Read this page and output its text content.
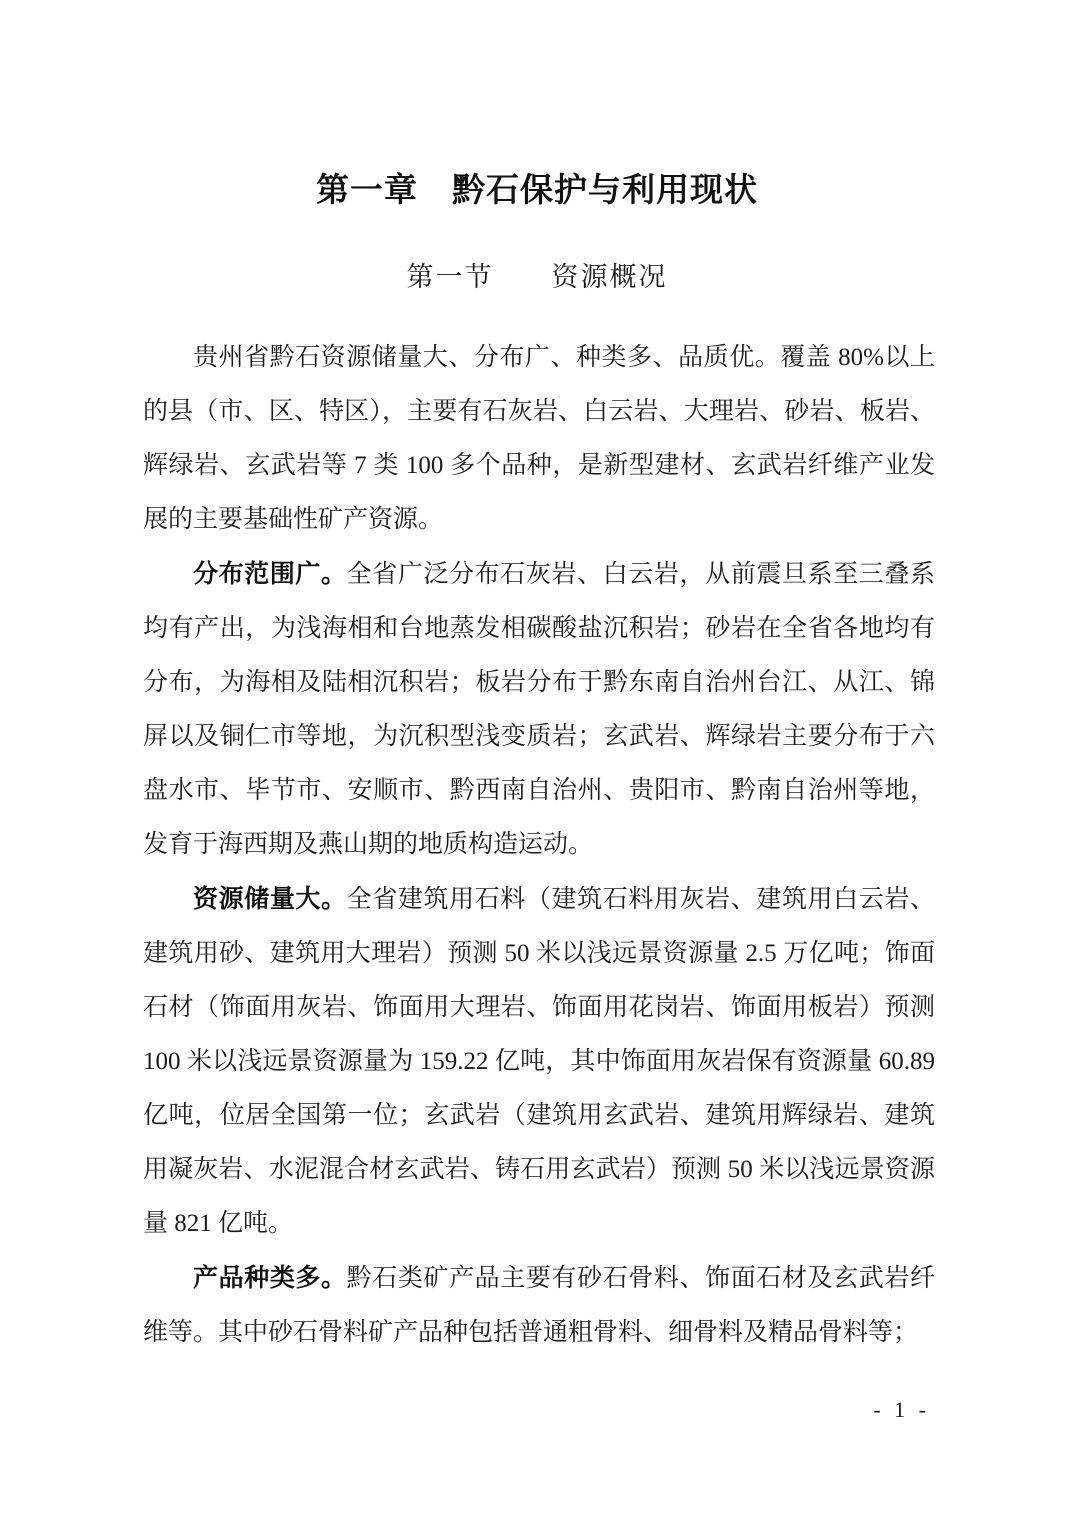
第一章　黔石保护与利用现状
第一节　　资源概况

贵州省黔石资源储量大、分布广、种类多、品质优。覆盖 80%以上的县（市、区、特区），主要有石灰岩、白云岩、大理岩、砂岩、板岩、辉绿岩、玄武岩等 7 类 100 多个品种，是新型建材、玄武岩纤维产业发展的主要基础性矿产资源。

分布范围广。全省广泛分布石灰岩、白云岩，从前震旦系至三叠系均有产出，为浅海相和台地蒸发相碳酸盐沉积岩；砂岩在全省各地均有分布，为海相及陆相沉积岩；板岩分布于黔东南自治州台江、从江、锦屏以及铜仁市等地，为沉积型浅变质岩；玄武岩、辉绿岩主要分布于六盘水市、毕节市、安顺市、黔西南自治州、贵阳市、黔南自治州等地，发育于海西期及燕山期的地质构造运动。

资源储量大。全省建筑用石料（建筑石料用灰岩、建筑用白云岩、建筑用砂、建筑用大理岩）预测 50 米以浅远景资源量 2.5 万亿吨；饰面石材（饰面用灰岩、饰面用大理岩、饰面用花岗岩、饰面用板岩）预测 100 米以浅远景资源量为 159.22 亿吨，其中饰面用灰岩保有资源量 60.89 亿吨，位居全国第一位；玄武岩（建筑用玄武岩、建筑用辉绿岩、建筑用凝灰岩、水泥混合材玄武岩、铸石用玄武岩）预测 50 米以浅远景资源量 821 亿吨。

产品种类多。黔石类矿产品主要有砂石骨料、饰面石材及玄武岩纤维等。其中砂石骨料矿产品种包括普通粗骨料、细骨料及精品骨料等；

- 1 -
